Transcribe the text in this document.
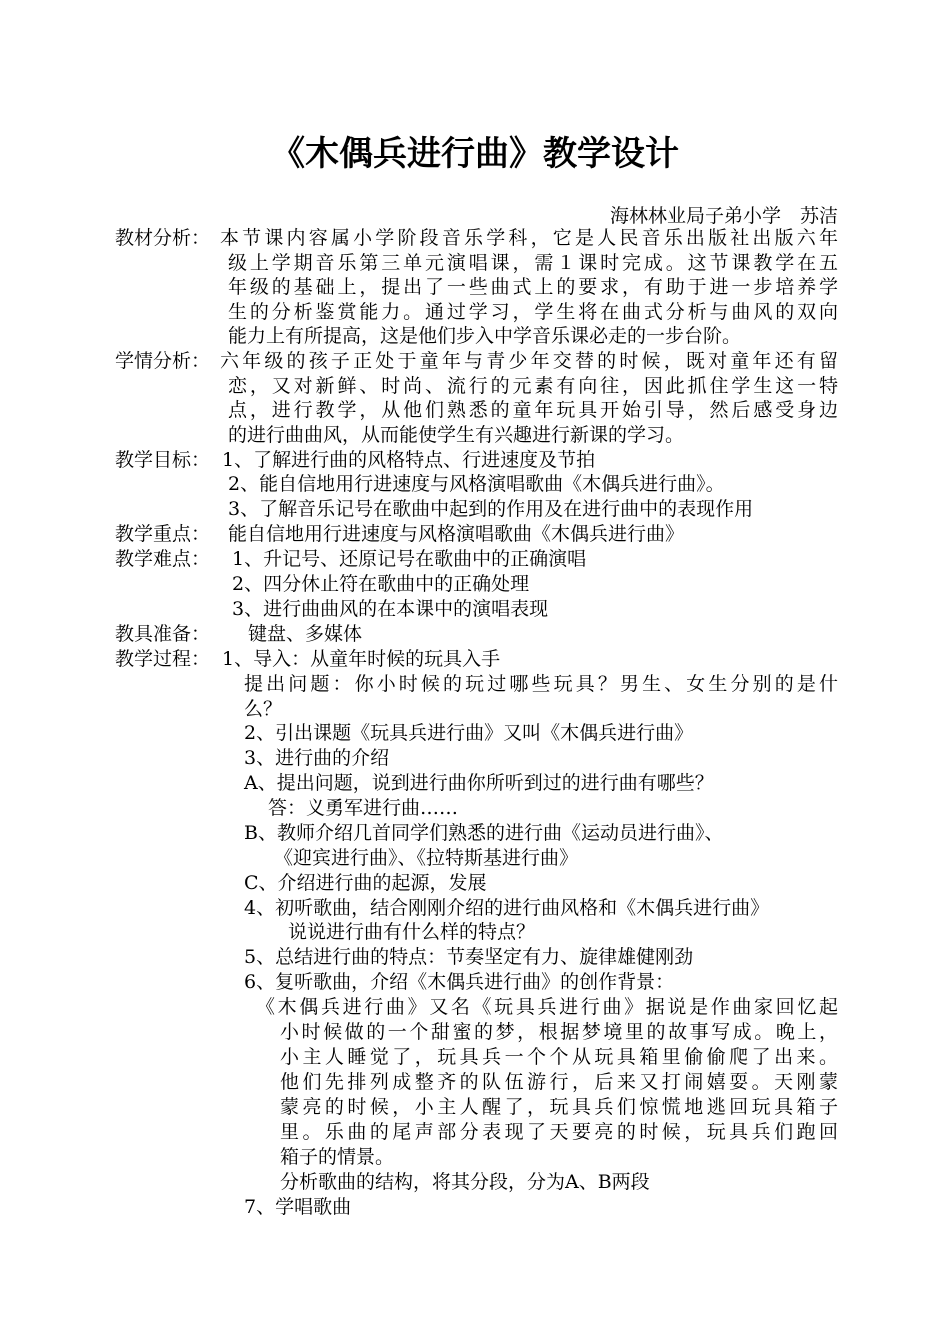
《木偶兵进行曲》教学设计
海林林业局子弟小学　苏洁
教材分析： 本节课内容属小学阶段音乐学科，它是人民音乐出版社出版六年
级上学期音乐第三单元演唱课，需１课时完成。这节课教学在五
年级的基础上，提出了一些曲式上的要求，有助于进一步培养学
生的分析鉴赏能力。通过学习，学生将在曲式分析与曲风的双向
能力上有所提高，这是他们步入中学音乐课必走的一步台阶。
学情分析： 六年级的孩子正处于童年与青少年交替的时候，既对童年还有留
恋，又对新鲜、时尚、流行的元素有向往，因此抓住学生这一特
点，进行教学，从他们熟悉的童年玩具开始引导，然后感受身边
的进行曲曲风，从而能使学生有兴趣进行新课的学习。
教学目标： 1、了解进行曲的风格特点、行进速度及节拍
2、能自信地用行进速度与风格演唱歌曲《木偶兵进行曲》。
3、了解音乐记号在歌曲中起到的作用及在进行曲中的表现作用
教学重点： 能自信地用行进速度与风格演唱歌曲《木偶兵进行曲》
教学难点： 1、升记号、还原记号在歌曲中的正确演唱
2、四分休止符在歌曲中的正确处理
3、进行曲曲风的在本课中的演唱表现
教具准备： 键盘、多媒体
教学过程： 1、导入：从童年时候的玩具入手
提出问题：你小时候的玩过哪些玩具？男生、女生分别的是什
么？
2、引出课题《玩具兵进行曲》又叫《木偶兵进行曲》
3、进行曲的介绍
A、提出问题，说到进行曲你所听到过的进行曲有哪些？
答：义勇军进行曲……
B、教师介绍几首同学们熟悉的进行曲《运动员进行曲》、
《迎宾进行曲》、《拉特斯基进行曲》
C、介绍进行曲的起源，发展
4、初听歌曲，结合刚刚介绍的进行曲风格和《木偶兵进行曲》
说说进行曲有什么样的特点？
5、总结进行曲的特点：节奏坚定有力、旋律雄健刚劲
6、复听歌曲，介绍《木偶兵进行曲》的创作背景：
《木偶兵进行曲》又名《玩具兵进行曲》据说是作曲家回忆起
小时候做的一个甜蜜的梦，根据梦境里的故事写成。晚上，
小主人睡觉了，玩具兵一个个从玩具箱里偷偷爬了出来。
他们先排列成整齐的队伍游行，后来又打闹嬉耍。天刚蒙
蒙亮的时候，小主人醒了，玩具兵们惊慌地逃回玩具箱子
里。乐曲的尾声部分表现了天要亮的时候，玩具兵们跑回
箱子的情景。
分析歌曲的结构，将其分段，分为A、B两段
7、学唱歌曲
